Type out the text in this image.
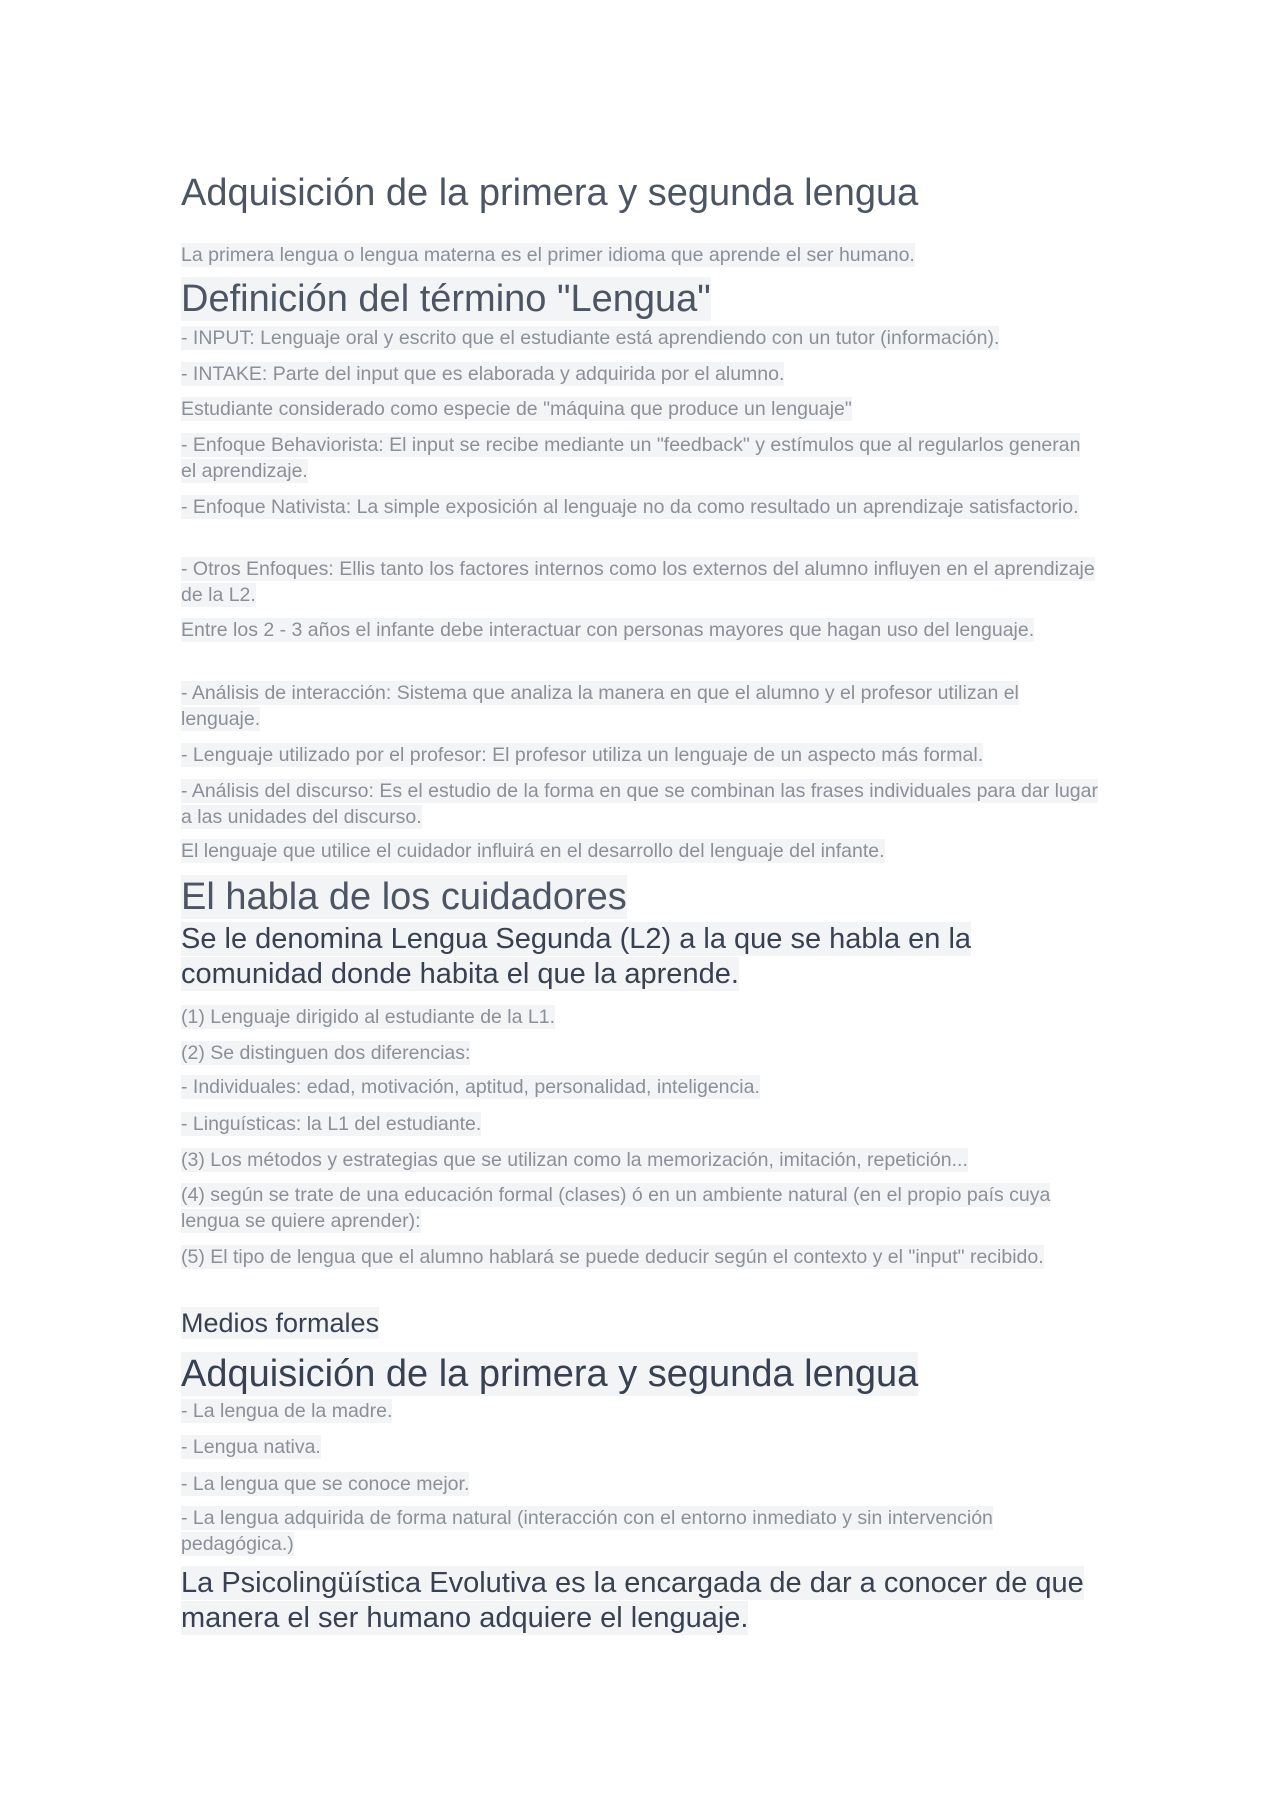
Adquisición de la primera y segunda lengua

La primera lengua o lengua materna es el primer idioma que aprende el ser humano.

Definición del término "Lengua"

- INPUT: Lenguaje oral y escrito que el estudiante está aprendiendo con un tutor (información).

- INTAKE: Parte del input que es elaborada y adquirida por el alumno.

Estudiante considerado como especie de "máquina que produce un lenguaje"

- Enfoque Behaviorista: El input se recibe mediante un "feedback" y estímulos que al regularlos generan el aprendizaje.

- Enfoque Nativista: La simple exposición al lenguaje no da como resultado un aprendizaje satisfactorio.

- Otros Enfoques: Ellis tanto los factores internos como los externos del alumno influyen en el aprendizaje de la L2.

Entre los 2 - 3 años el infante debe interactuar con personas mayores que hagan uso del lenguaje.

- Análisis de interacción: Sistema que analiza la manera en que el alumno y el profesor utilizan el lenguaje.

- Lenguaje utilizado por el profesor: El profesor utiliza un lenguaje de un aspecto más formal.

- Análisis del discurso: Es el estudio de la forma en que se combinan las frases individuales para dar lugar a las unidades del discurso.

El lenguaje que utilice el cuidador influirá en el desarrollo del lenguaje del infante.

El habla de los cuidadores
Se le denomina Lengua Segunda (L2) a la que se habla en la comunidad donde habita el que la aprende.

(1) Lenguaje dirigido al estudiante de la L1.

(2) Se distinguen dos diferencias:

- Individuales: edad, motivación, aptitud, personalidad, inteligencia.

- Linguísticas: la L1 del estudiante.

(3) Los métodos y estrategias que se utilizan como la memorización, imitación, repetición...

(4) según se trate de una educación formal (clases) ó en un ambiente natural (en el propio país cuya lengua se quiere aprender):

(5) El tipo de lengua que el alumno hablará se puede deducir según el contexto y el "input" recibido.

Medios formales
Adquisición de la primera y segunda lengua

- La lengua de la madre.

- Lengua nativa.

- La lengua que se conoce mejor.

- La lengua adquirida de forma natural (interacción con el entorno inmediato y sin intervención pedagógica.)

La Psicolingüística Evolutiva es la encargada de dar a conocer de que manera el ser humano adquiere el lenguaje.
